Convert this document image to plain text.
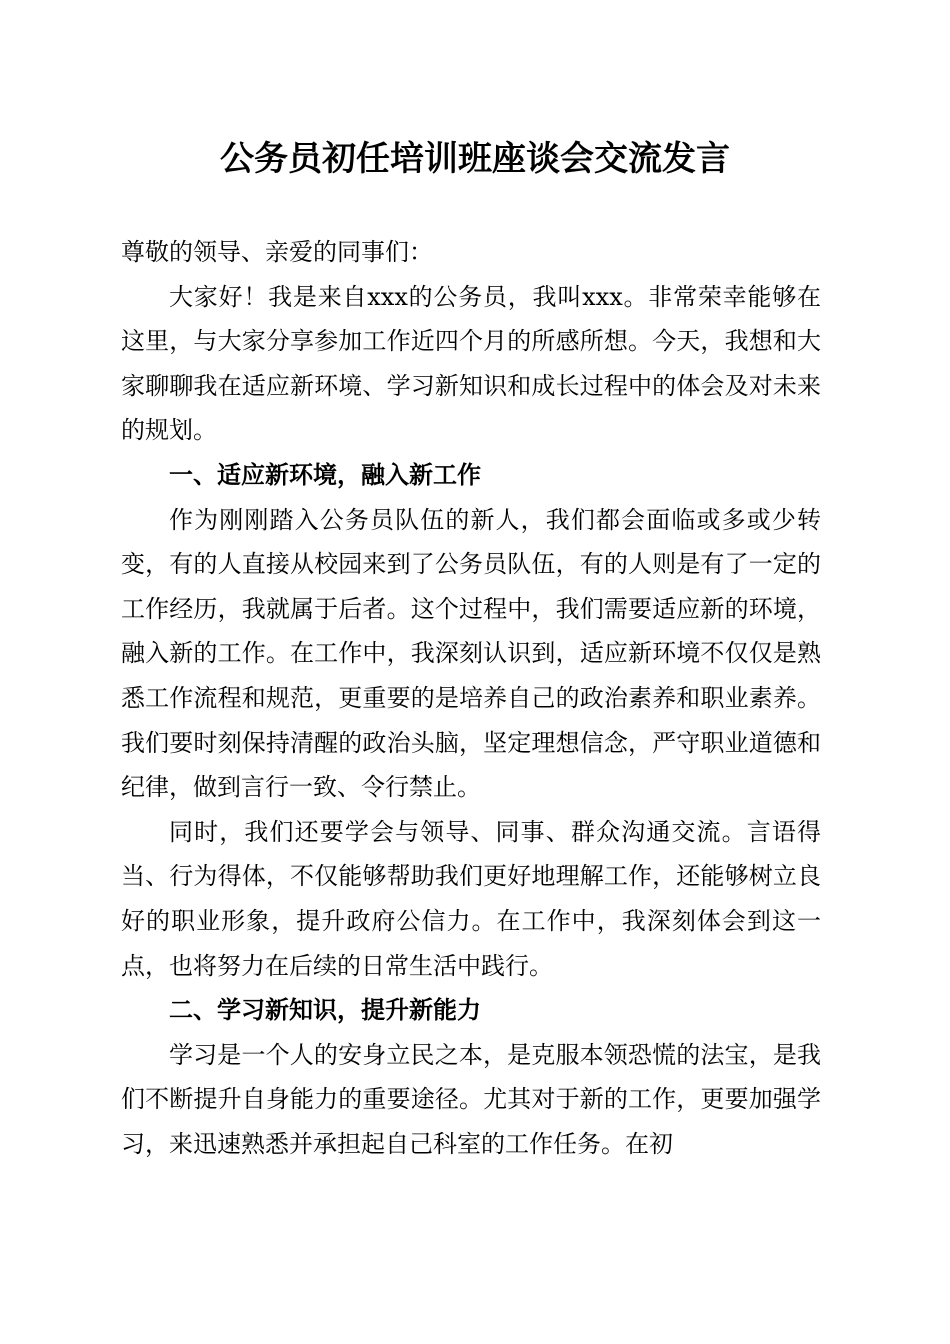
公务员初任培训班座谈会交流发言

尊敬的领导、亲爱的同事们：

大家好！我是来自xxx的公务员，我叫xxx。非常荣幸能够在这里，与大家分享参加工作近四个月的所感所想。今天，我想和大家聊聊我在适应新环境、学习新知识和成长过程中的体会及对未来的规划。

一、适应新环境，融入新工作

作为刚刚踏入公务员队伍的新人，我们都会面临或多或少转变，有的人直接从校园来到了公务员队伍，有的人则是有了一定的工作经历，我就属于后者。这个过程中，我们需要适应新的环境，融入新的工作。在工作中，我深刻认识到，适应新环境不仅仅是熟悉工作流程和规范，更重要的是培养自己的政治素养和职业素养。我们要时刻保持清醒的政治头脑，坚定理想信念，严守职业道德和纪律，做到言行一致、令行禁止。

同时，我们还要学会与领导、同事、群众沟通交流。言语得当、行为得体，不仅能够帮助我们更好地理解工作，还能够树立良好的职业形象，提升政府公信力。在工作中，我深刻体会到这一点，也将努力在后续的日常生活中践行。

二、学习新知识，提升新能力

学习是一个人的安身立民之本，是克服本领恐慌的法宝，是我们不断提升自身能力的重要途径。尤其对于新的工作，更要加强学习，来迅速熟悉并承担起自己科室的工作任务。在初
